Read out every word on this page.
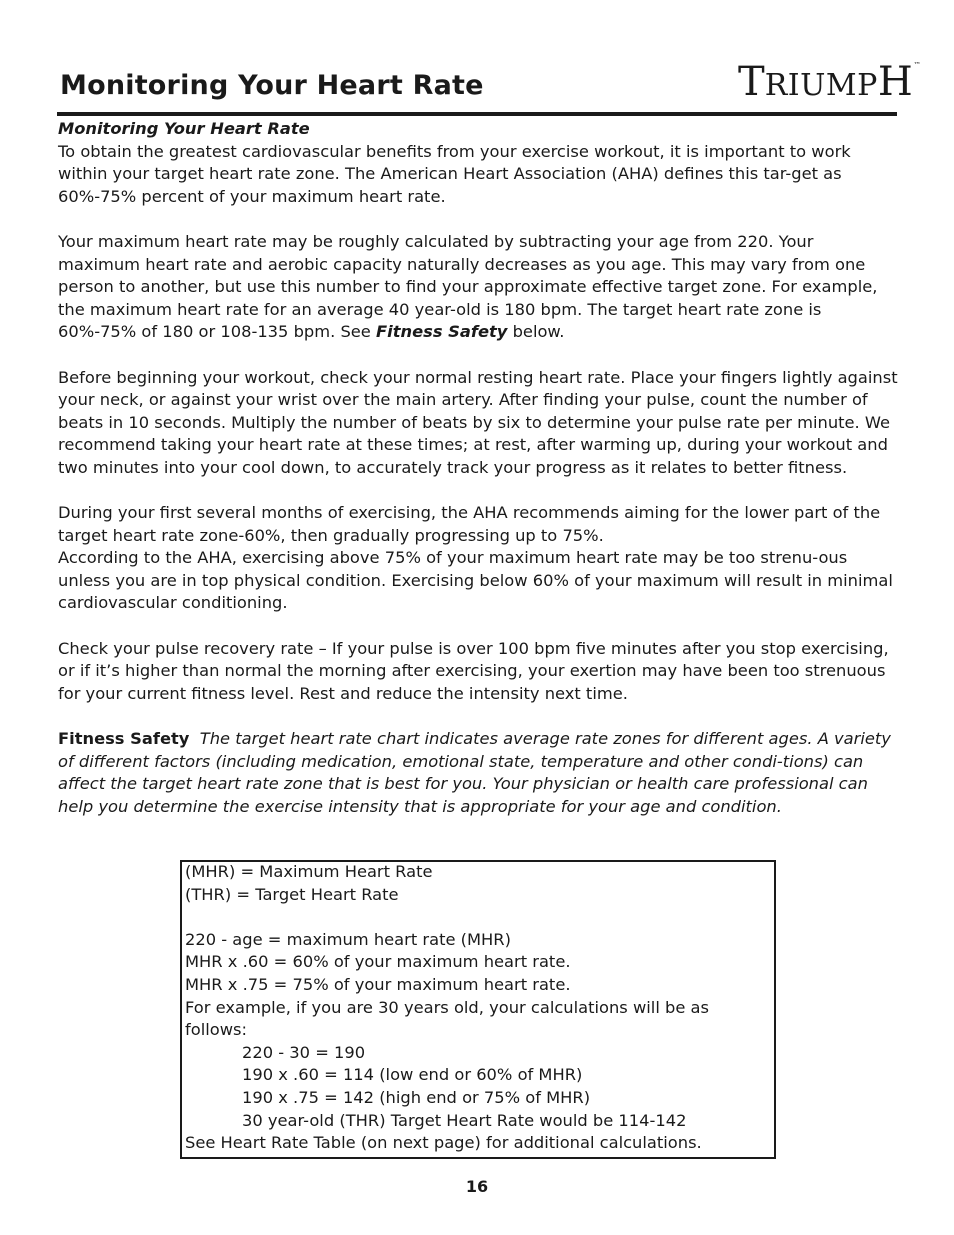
Monitoring Your Heart Rate	TRIUMPH™

Monitoring Your Heart Rate

To obtain the greatest cardiovascular benefits from your exercise workout, it is important to work within your target heart rate zone. The American Heart Association (AHA) defines this tar-get as 60%-75% percent of your maximum heart rate.

Your maximum heart rate may be roughly calculated by subtracting your age from 220. Your maximum heart rate and aerobic capacity naturally decreases as you age. This may vary from one person to another, but use this number to find your approximate effective target zone. For example, the maximum heart rate for an average 40 year-old is 180 bpm. The target heart rate zone is 60%-75% of 180 or 108-135 bpm. See Fitness Safety below.

Before beginning your workout, check your normal resting heart rate. Place your fingers lightly against your neck, or against your wrist over the main artery. After finding your pulse, count the number of beats in 10 seconds. Multiply the number of beats by six to determine your pulse rate per minute. We recommend taking your heart rate at these times; at rest, after warming up, during your workout and two minutes into your cool down, to accurately track your progress as it relates to better fitness.

During your first several months of exercising, the AHA recommends aiming for the lower part of the target heart rate zone-60%, then gradually progressing up to 75%.

According to the AHA, exercising above 75% of your maximum heart rate may be too strenu-ous unless you are in top physical condition. Exercising below 60% of your maximum will result in minimal cardiovascular conditioning.

Check your pulse recovery rate – If your pulse is over 100 bpm five minutes after you stop exercising, or if it’s higher than normal the morning after exercising, your exertion may have been too strenuous for your current fitness level. Rest and reduce the intensity next time.

Fitness Safety The target heart rate chart indicates average rate zones for different ages. A variety of different factors (including medication, emotional state, temperature and other condi-tions) can affect the target heart rate zone that is best for you. Your physician or health care professional can help you determine the exercise intensity that is appropriate for your age and condition.

(MHR) = Maximum Heart Rate

(THR) = Target Heart Rate

220 - age = maximum heart rate (MHR)

MHR x .60 = 60% of your maximum heart rate.

MHR x .75 = 75% of your maximum heart rate.

For example, if you are 30 years old, your calculations will be as follows:

220 - 30 = 190

190 x .60 = 114 (low end or 60% of MHR)

190 x .75 = 142 (high end or 75% of MHR)

30 year-old (THR) Target Heart Rate would be 114-142

See Heart Rate Table (on next page) for additional calculations.

16
